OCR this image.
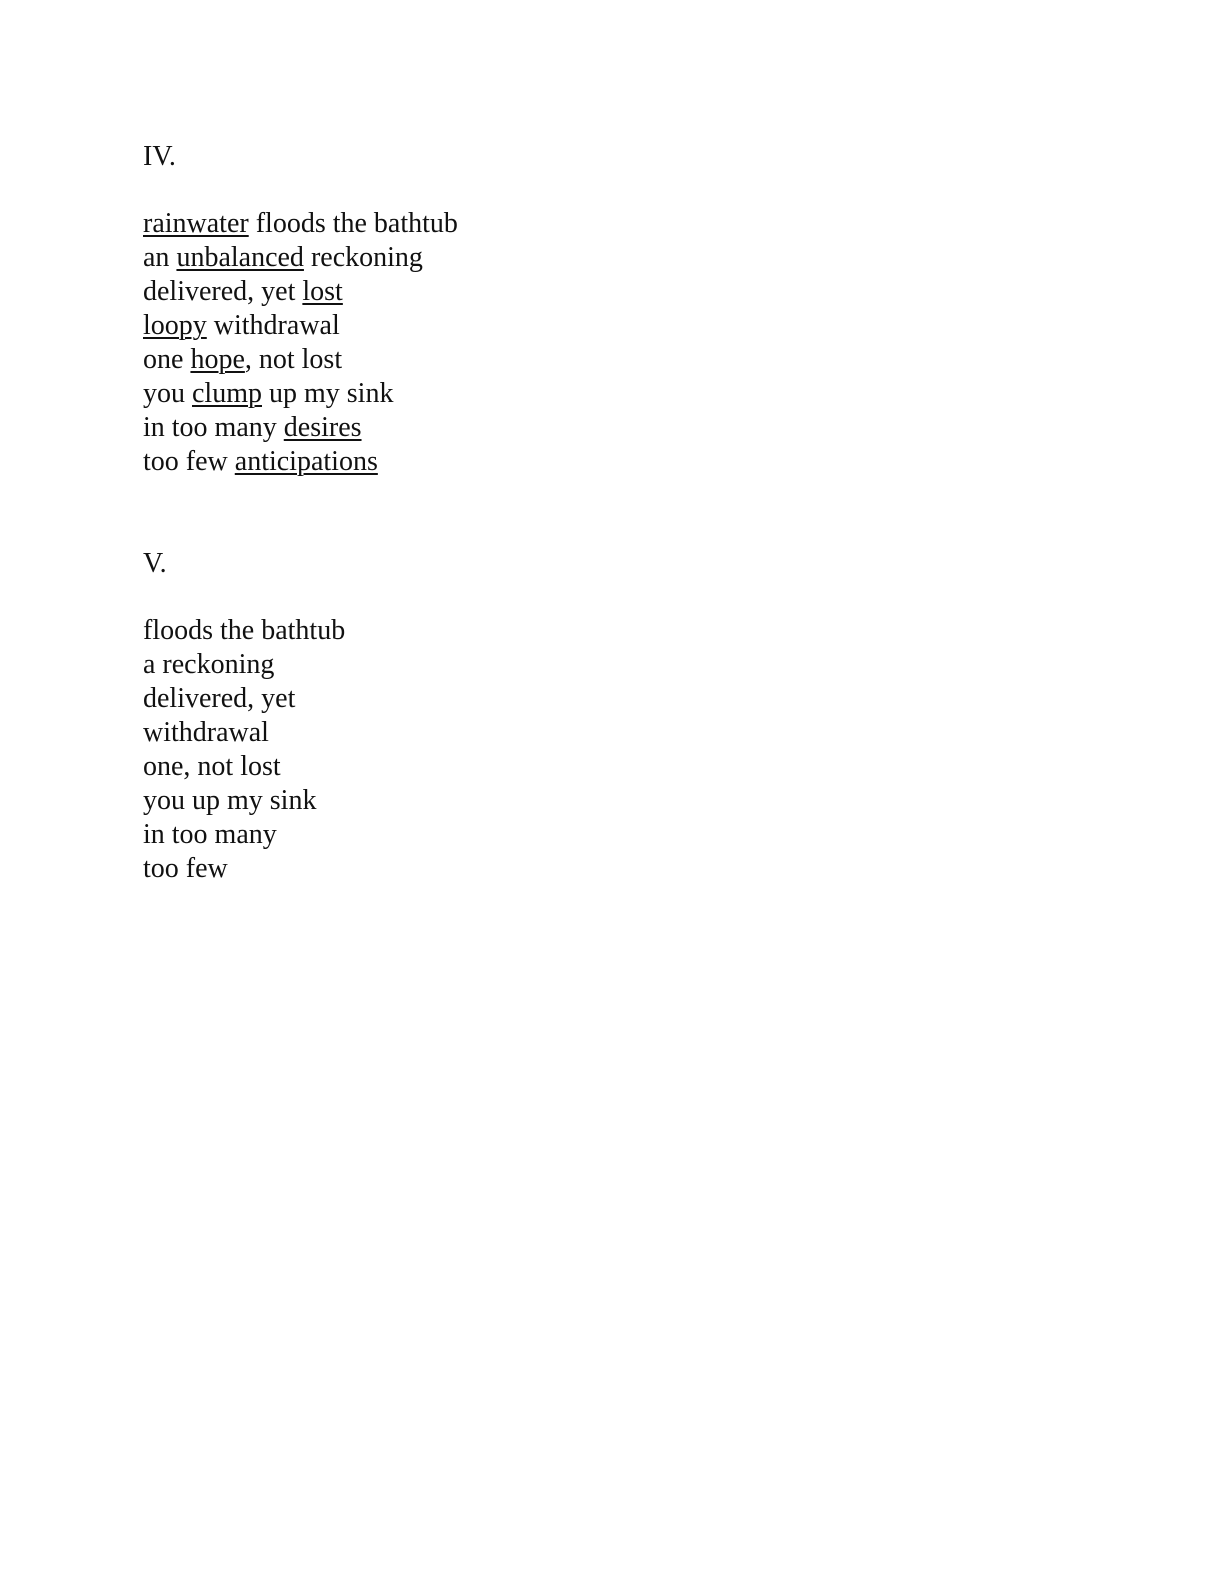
IV.
rainwater floods the bathtub
an unbalanced reckoning
delivered, yet lost
loopy withdrawal
one hope, not lost
you clump up my sink
in too many desires
too few anticipations
V.
floods the bathtub
a reckoning
delivered, yet
withdrawal
one, not lost
you up my sink
in too many
too few
